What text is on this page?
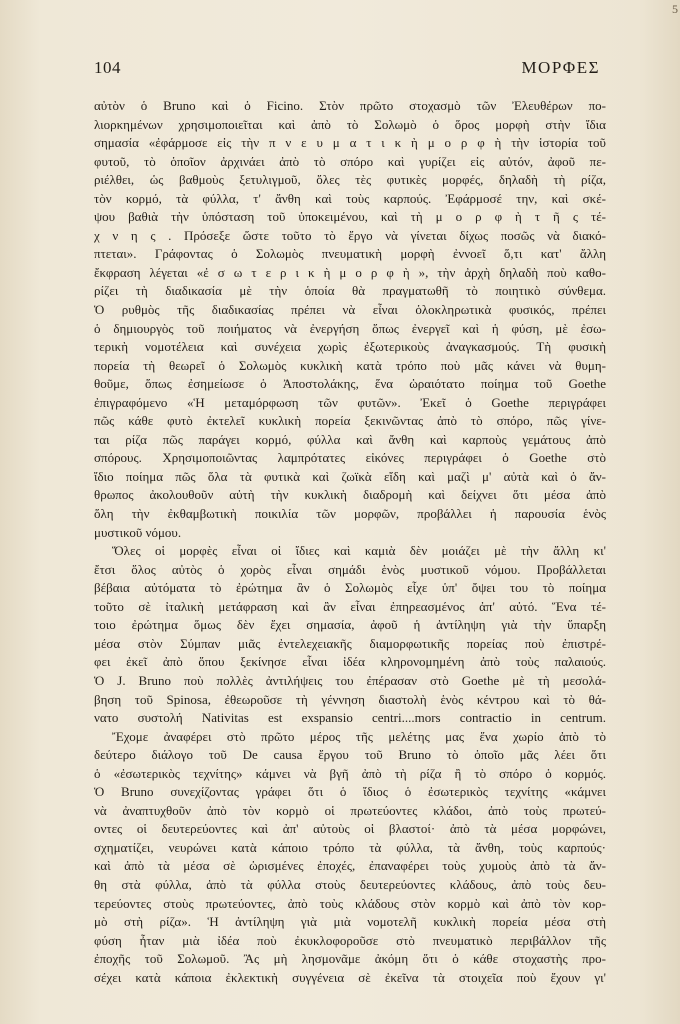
5
104	ΜΟΡΦΕΣ
αὐτὸν ὁ Bruno καὶ ὁ Ficino. Στὸν πρῶτο στοχασμὸ τῶν Ἐλευθέρων πο-
λιορκημένων χρησιμοποιεῖται καὶ ἀπὸ τὸ Σολωμὸ ὁ ὅρος μορφὴ στὴν ἴδια
σημασία «ἐφάρμοσε εἰς τὴν π ν ε υ μ α τ ι κ ὴ μ ο ρ φ ὴ τὴν ἱστορία τοῦ
φυτοῦ, τὸ ὁποῖον ἀρχινάει ἀπὸ τὸ σπόρο καὶ γυρίζει εἰς αὐτόν, ἀφοῦ πε-
ριέλθει, ὡς βαθμοὺς ξετυλιγμοῦ, ὅλες τὲς φυτικὲς μορφές, δηλαδὴ τὴ ρίζα,
τὸν κορμό, τὰ φύλλα, τ' ἄνθη καὶ τοὺς καρπούς. Ἐφάρμοσέ την, καὶ σκέ-
ψου βαθιὰ τὴν ὑπόσταση τοῦ ὑποκειμένου, καὶ τὴ μ ο ρ φ ὴ τ ῆ ς τέ-
χ ν η ς . Πρόσεξε ὥστε τοῦτο τὸ ἔργο νὰ γίνεται δίχως ποσῶς νὰ διακό-
πτεται». Γράφοντας ὁ Σολωμὸς πνευματικὴ μορφὴ ἐννοεῖ ὅ,τι κατ' ἄλλη
ἔκφραση λέγεται «ἐ σ ω τ ε ρ ι κ ὴ μ ο ρ φ ὴ », τὴν ἀρχὴ δηλαδὴ ποὺ καθο-
ρίζει τὴ διαδικασία μὲ τὴν ὁποία θὰ πραγματωθῆ τὸ ποιητικὸ σύνθεμα.
Ὁ ρυθμὸς τῆς διαδικασίας πρέπει νὰ εἶναι ὁλοκληρωτικὰ φυσικός, πρέπει
ὁ δημιουργὸς τοῦ ποιήματος νὰ ἐνεργήση ὅπως ἐνεργεῖ καὶ ἡ φύση, μὲ ἐσω-
τερικὴ νομοτέλεια καὶ συνέχεια χωρὶς ἐξωτερικοὺς ἀναγκασμούς. Τὴ φυσικὴ
πορεία τὴ θεωρεῖ ὁ Σολωμὸς κυκλικὴ κατὰ τρόπο ποὺ μᾶς κάνει νὰ θυμη-
θοῦμε, ὅπως ἐσημείωσε ὁ Ἀποστολάκης, ἕνα ὡραιότατο ποίημα τοῦ Goethe
ἐπιγραφόμενο «Ἡ μεταμόρφωση τῶν φυτῶν». Ἐκεῖ ὁ Goethe περιγράφει
πῶς κάθε φυτὸ ἐκτελεῖ κυκλικὴ πορεία ξεκινῶντας ἀπὸ τὸ σπόρο, πῶς γίνε-
ται ρίζα πῶς παράγει κορμό, φύλλα καὶ ἄνθη καὶ καρποὺς γεμάτους ἀπὸ
σπόρους. Χρησιμοποιῶντας λαμπρότατες εἰκόνες περιγράφει ὁ Goethe στὸ
ἴδιο ποίημα πῶς ὅλα τὰ φυτικὰ καὶ ζωϊκὰ εἴδη καὶ μαζὶ μ' αὐτὰ καὶ ὁ ἄν-
θρωπος ἀκολουθοῦν αὐτὴ τὴν κυκλικὴ διαδρομὴ καὶ δείχνει ὅτι μέσα ἀπὸ
ὅλη τὴν ἐκθαμβωτικὴ ποικιλία τῶν μορφῶν, προβάλλει ἡ παρουσία ἑνὸς
μυστικοῦ νόμου.
Ὅλες οἱ μορφὲς εἶναι οἱ ἴδιες καὶ καμιὰ δὲν μοιάζει μὲ τὴν ἄλλη κι'
ἔτσι ὅλος αὐτὸς ὁ χορὸς εἶναι σημάδι ἑνὸς μυστικοῦ νόμου. Προβάλλεται
βέβαια αὐτόματα τὸ ἐρώτημα ἂν ὁ Σολωμὸς εἶχε ὑπ' ὄψει του τὸ ποίημα
τοῦτο σὲ ἰταλικὴ μετάφραση καὶ ἂν εἶναι ἐπηρεασμένος ἀπ' αὐτό. Ἕνα τέ-
τοιο ἐρώτημα ὅμως δὲν ἔχει σημασία, ἀφοῦ ἡ ἀντίληψη γιὰ τὴν ὕπαρξη
μέσα στὸν Σύμπαν μιᾶς ἐντελεχειακῆς διαμορφωτικῆς πορείας ποὺ ἐπιστρέ-
φει ἐκεῖ ἀπὸ ὅπου ξεκίνησε εἶναι ἰδέα κληρονομημένη ἀπὸ τοὺς παλαιούς.
Ὁ J. Bruno ποὺ πολλὲς ἀντιλήψεις του ἐπέρασαν στὸ Goethe μὲ τὴ μεσολά-
βηση τοῦ Spinosa, ἐθεωροῦσε τὴ γέννηση διαστολὴ ἑνὸς κέντρου καὶ τὸ θά-
νατο συστολή Nativitas est exspansio centri....mors contractio in centrum.
Ἔχομε ἀναφέρει στὸ πρῶτο μέρος τῆς μελέτης μας ἕνα χωρίο ἀπὸ τὸ
δεύτερο διάλογο τοῦ De causa ἔργου τοῦ Bruno τὸ ὁποῖο μᾶς λέει ὅτι
ὁ «ἐσωτερικὸς τεχνίτης» κάμνει νὰ βγῆ ἀπὸ τὴ ρίζα ἢ τὸ σπόρο ὁ κορμός.
Ὁ Bruno συνεχίζοντας γράφει ὅτι ὁ ἴδιος ὁ ἐσωτερικὸς τεχνίτης «κάμνει
νὰ ἀναπτυχθοῦν ἀπὸ τὸν κορμὸ οἱ πρωτεύοντες κλάδοι, ἀπὸ τοὺς πρωτεύ-
οντες οἱ δευτερεύοντες καὶ ἀπ' αὐτοὺς οἱ βλαστοί· ἀπὸ τὰ μέσα μορφώνει,
σχηματίζει, νευρώνει κατὰ κάποιο τρόπο τὰ φύλλα, τὰ ἄνθη, τοὺς καρπούς·
καὶ ἀπὸ τὰ μέσα σὲ ὡρισμένες ἐποχές, ἐπαναφέρει τοὺς χυμοὺς ἀπὸ τὰ ἄν-
θη στὰ φύλλα, ἀπὸ τὰ φύλλα στοὺς δευτερεύοντες κλάδους, ἀπὸ τοὺς δευ-
τερεύοντες στοὺς πρωτεύοντες, ἀπὸ τοὺς κλάδους στὸν κορμὸ καὶ ἀπὸ τὸν κορ-
μὸ στὴ ρίζα». Ἡ ἀντίληψη γιὰ μιὰ νομοτελῆ κυκλικὴ πορεία μέσα στὴ
φύση ἦταν μιὰ ἰδέα ποὺ ἐκυκλοφοροῦσε στὸ πνευματικὸ περιβάλλον τῆς
ἐποχῆς τοῦ Σολωμοῦ. Ἂς μὴ λησμονᾶμε ἀκόμη ὅτι ὁ κάθε στοχαστὴς προ-
σέχει κατὰ κάποια ἐκλεκτικὴ συγγένεια σὲ ἐκεῖνα τὰ στοιχεῖα ποὺ ἔχουν γι'
